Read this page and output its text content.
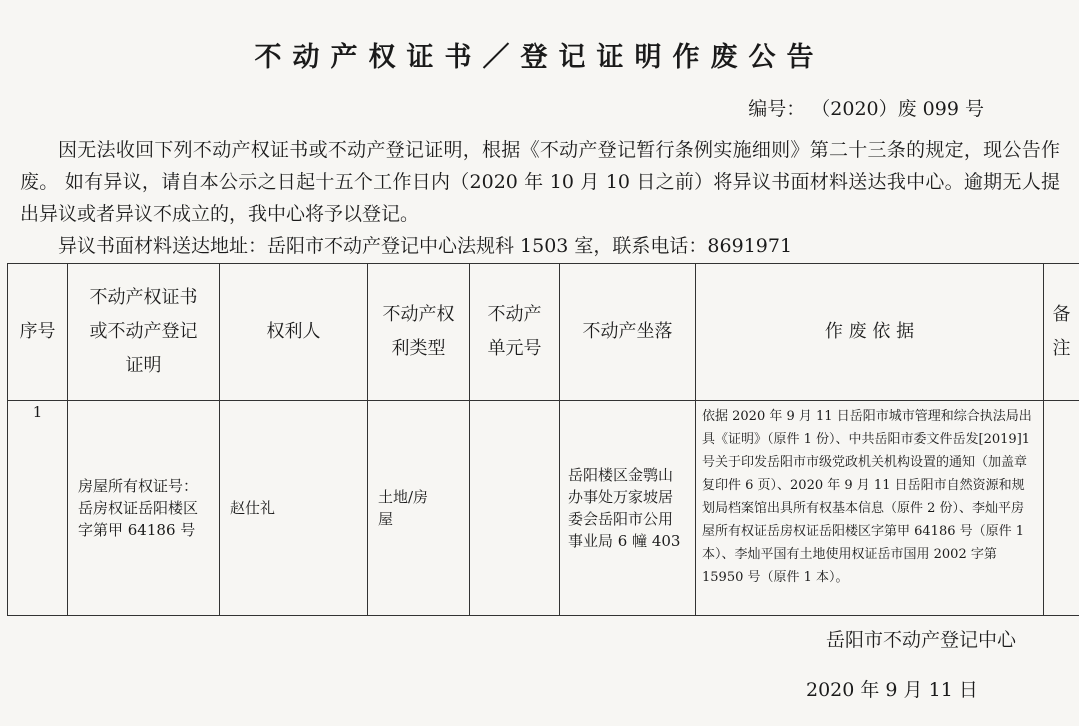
不动产权证书／登记证明作废公告
编号： （2020）废 099 号
因无法收回下列不动产权证书或不动产登记证明，根据《不动产登记暂行条例实施细则》第二十三条的规定，现公告作废。 如有异议，请自本公示之日起十五个工作日内（2020 年 10 月 10 日之前）将异议书面材料送达我中心。逾期无人提出异议或者异议不成立的，我中心将予以登记。
异议书面材料送达地址：岳阳市不动产登记中心法规科 1503 室，联系电话：8691971
序号	不动产权证书或不动产登记证明	权利人	不动产权利类型	不动产单元号	不动产坐落	作 废 依 据	备注
1	房屋所有权证号：岳房权证岳阳楼区字第甲 64186 号	赵仕礼	土地/房屋		岳阳楼区金鹗山办事处万家坡居委会岳阳市公用事业局 6 幢 403	依据 2020 年 9 月 11 日岳阳市城市管理和综合执法局出具《证明》（原件 1 份）、中共岳阳市委文件岳发[2019]1 号关于印发岳阳市市级党政机关机构设置的通知（加盖章复印件 6 页）、2020 年 9 月 11 日岳阳市自然资源和规划局档案馆出具所有权基本信息（原件 2 份）、李灿平房屋所有权证岳房权证岳阳楼区字第甲 64186 号（原件 1 本）、李灿平国有土地使用权证岳市国用 2002 字第 15950 号（原件 1 本）。	
岳阳市不动产登记中心
2020 年 9 月 11 日
